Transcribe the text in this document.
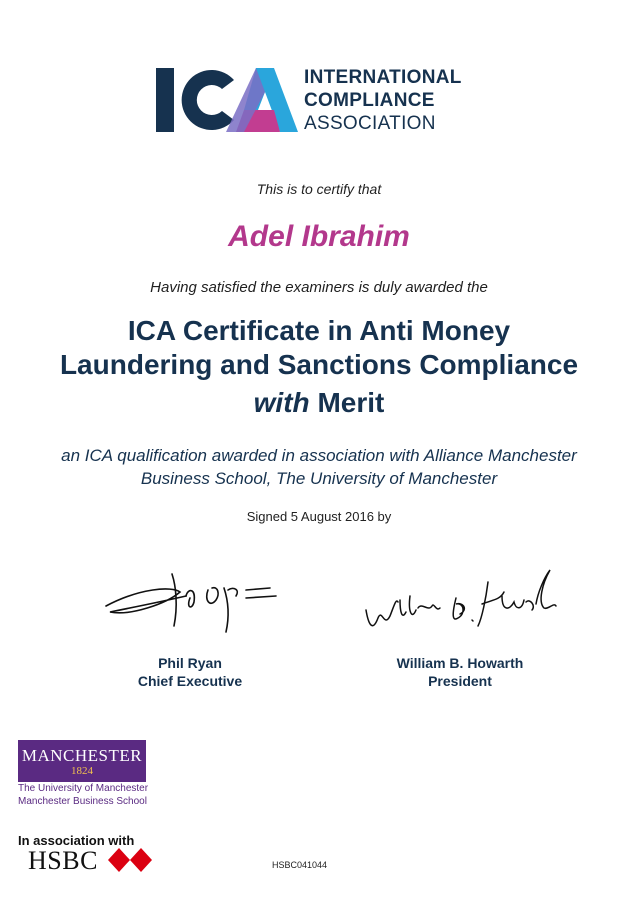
INTERNATIONAL
COMPLIANCE
ASSOCIATION
This is to certify that
Adel Ibrahim
Having satisfied the examiners is duly awarded the
ICA Certificate in Anti Money
Laundering and Sanctions Compliance
with Merit
an ICA qualification awarded in association with Alliance Manchester
Business School, The University of Manchester
Signed 5 August 2016 by
Phil Ryan
Chief Executive
William B. Howarth
President
MANCHESTER
1824
The University of Manchester
Manchester Business School
In association with
HSBC	HSBC041044
